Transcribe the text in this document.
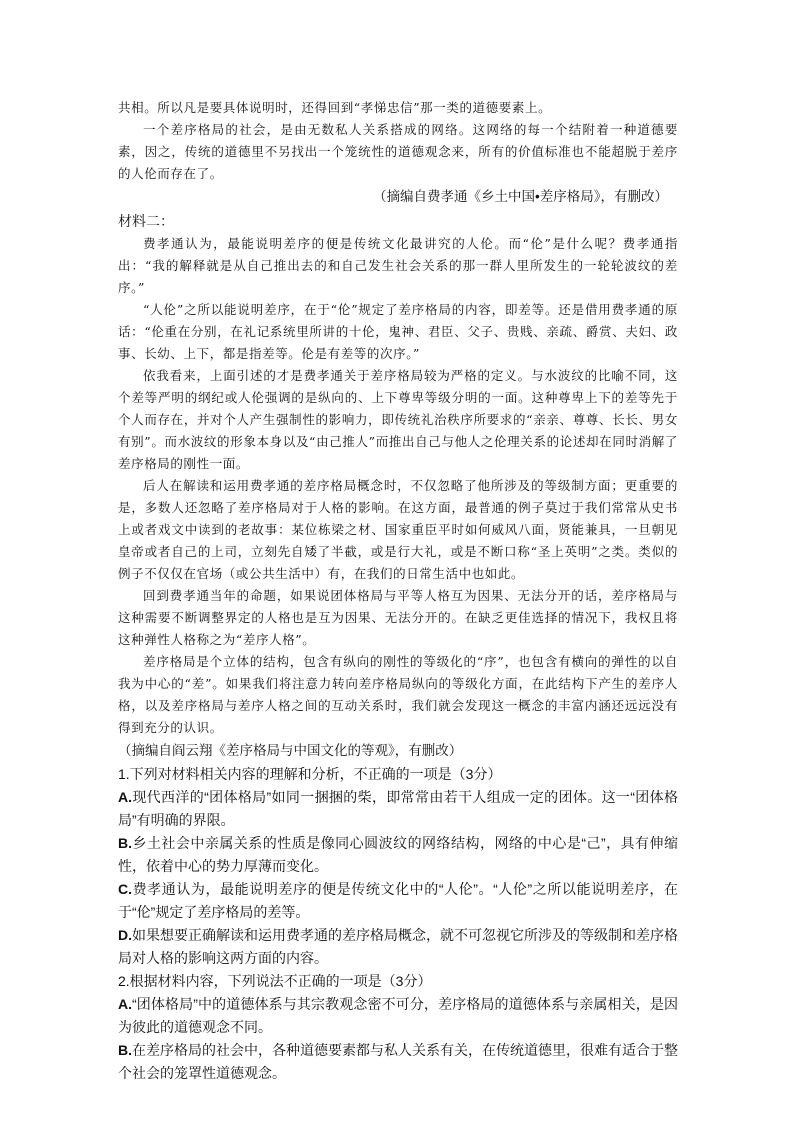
共相。所以凡是要具体说明时，还得回到“孝悌忠信”那一类的道德要素上。

一个差序格局的社会，是由无数私人关系搭成的网络。这网络的每一个结附着一种道德要素，因之，传统的道德里不另找出一个笼统性的道德观念来，所有的价值标准也不能超脱于差序的人伦而存在了。

（摘编自费孝通《乡土中国•差序格局》，有删改）

材料二：

费孝通认为，最能说明差序的便是传统文化最讲究的人伦。而“伦”是什么呢？费孝通指出：“我的解释就是从自己推出去的和自己发生社会关系的那一群人里所发生的一轮轮波纹的差序。”

“人伦”之所以能说明差序，在于“伦”规定了差序格局的内容，即差等。还是借用费孝通的原话：“伦重在分别，在礼记系统里所讲的十伦，鬼神、君臣、父子、贵贱、亲疏、爵赏、夫妇、政事、长幼、上下，都是指差等。伦是有差等的次序。”

依我看来，上面引述的才是费孝通关于差序格局较为严格的定义。与水波纹的比喻不同，这个差等严明的纲纪或人伦强调的是纵向的、上下尊卑等级分明的一面。这种尊卑上下的差等先于个人而存在，并对个人产生强制性的影响力，即传统礼治秩序所要求的“亲亲、尊尊、长长、男女有别”。而水波纹的形象本身以及“由己推人”而推出自己与他人之伦理关系的论述却在同时消解了差序格局的刚性一面。

后人在解读和运用费孝通的差序格局概念时，不仅忽略了他所涉及的等级制方面；更重要的是，多数人还忽略了差序格局对于人格的影响。在这方面，最普通的例子莫过于我们常常从史书上或者戏文中读到的老故事：某位栋梁之材、国家重臣平时如何威风八面，贤能兼具，一旦朝见皇帝或者自己的上司，立刻先自矮了半截，或是行大礼，或是不断口称“圣上英明”之类。类似的例子不仅仅在官场（或公共生活中）有，在我们的日常生活中也如此。

回到费孝通当年的命题，如果说团体格局与平等人格互为因果、无法分开的话，差序格局与这种需要不断调整界定的人格也是互为因果、无法分开的。在缺乏更佳选择的情况下，我权且将这种弹性人格称之为“差序人格”。

差序格局是个立体的结构，包含有纵向的刚性的等级化的“序”，也包含有横向的弹性的以自我为中心的“差”。如果我们将注意力转向差序格局纵向的等级化方面，在此结构下产生的差序人格，以及差序格局与差序人格之间的互动关系时，我们就会发现这一概念的丰富内涵还远远没有得到充分的认识。

（摘编自阎云翔《差序格局与中国文化的等观》，有删改）

1.下列对材料相关内容的理解和分析，不正确的一项是（3分）

A.现代西洋的“团体格局”如同一捆捆的柴，即常常由若干人组成一定的团体。这一“团体格局”有明确的界限。

B.乡土社会中亲属关系的性质是像同心圆波纹的网络结构，网络的中心是“己”，具有伸缩性，依着中心的势力厚薄而变化。

C.费孝通认为，最能说明差序的便是传统文化中的“人伦”。“人伦”之所以能说明差序，在于“伦”规定了差序格局的差等。

D.如果想要正确解读和运用费孝通的差序格局概念，就不可忽视它所涉及的等级制和差序格局对人格的影响这两方面的内容。

2.根据材料内容，下列说法不正确的一项是（3分）

A.“团体格局”中的道德体系与其宗教观念密不可分，差序格局的道德体系与亲属相关，是因为彼此的道德观念不同。

B.在差序格局的社会中，各种道德要素都与私人关系有关，在传统道德里，很难有适合于整个社会的笼罩性道德观念。
